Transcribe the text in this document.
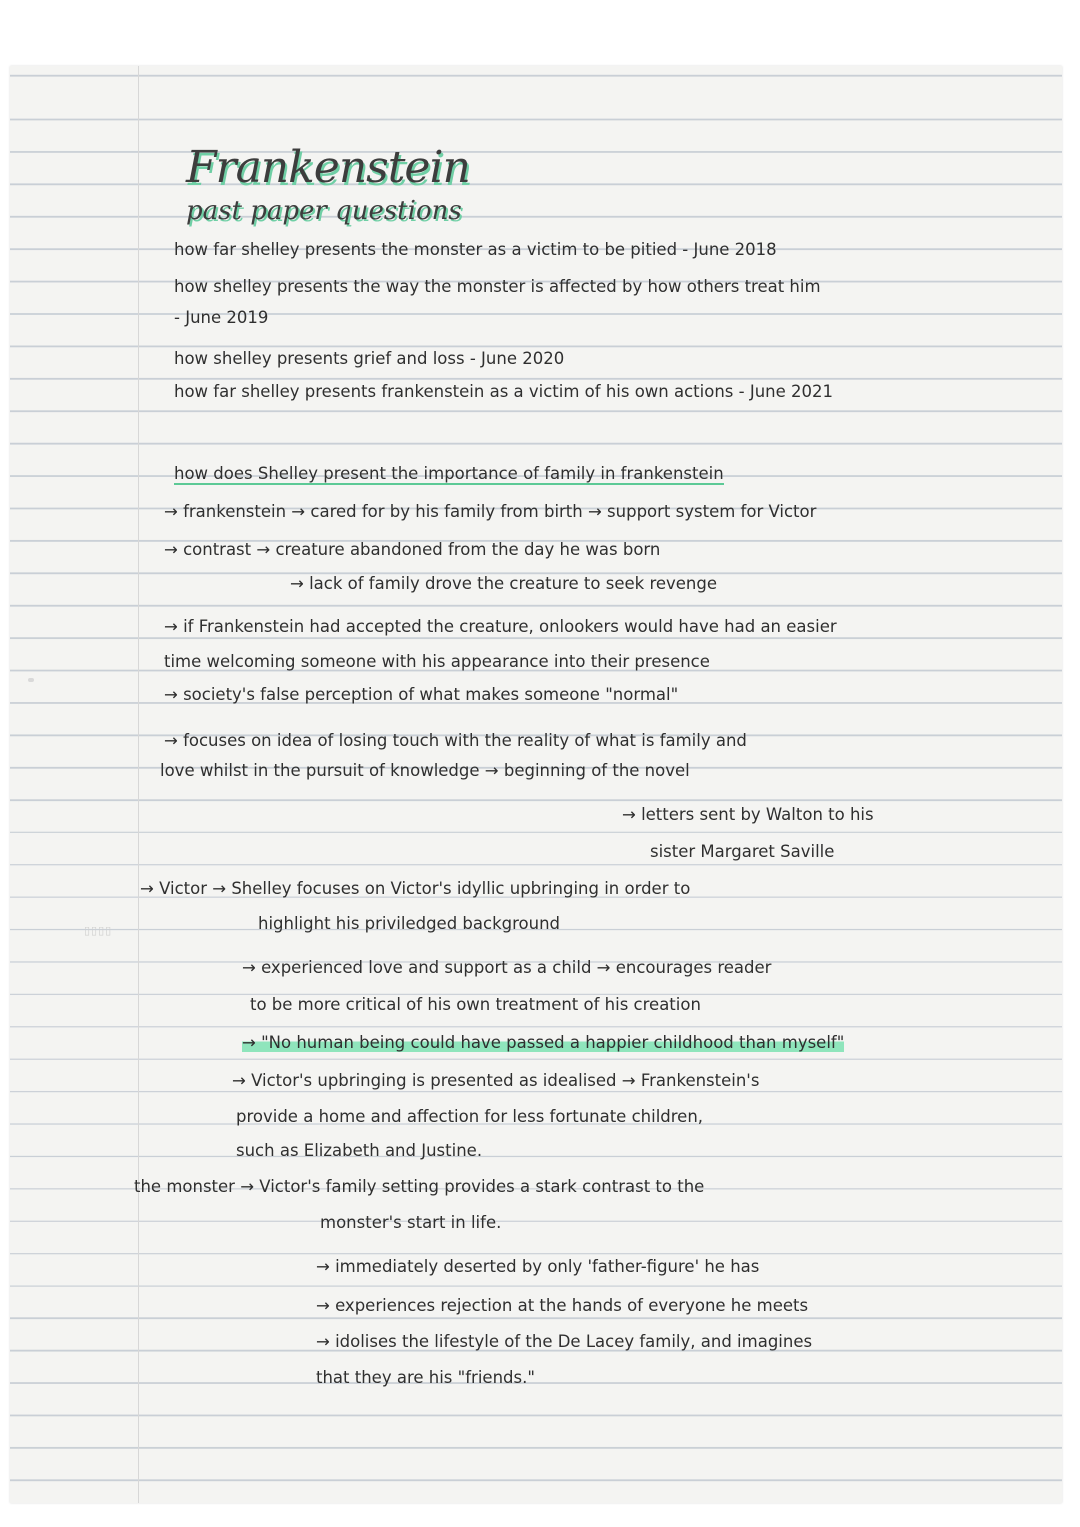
▯▯▯▯
Frankenstein
past paper questions
how far shelley presents the monster as a victim to be pitied - June 2018
how shelley presents the way the monster is affected by how others treat him
- June 2019
how shelley presents grief and loss - June 2020
how far shelley presents frankenstein as a victim of his own actions - June 2021
how does Shelley present the importance of family in frankenstein
→ frankenstein → cared for by his family from birth → support system for Victor
→ contrast → creature abandoned from the day he was born
→ lack of family drove the creature to seek revenge
→ if Frankenstein had accepted the creature, onlookers would have had an easier
time welcoming someone with his appearance into their presence
→ society's false perception of what makes someone "normal"
→ focuses on idea of losing touch with the reality of what is family and
love whilst in the pursuit of knowledge → beginning of the novel
→ letters sent by Walton to his
sister Margaret Saville
→ Victor → Shelley focuses on Victor's idyllic upbringing in order to
highlight his priviledged background
→ experienced love and support as a child → encourages reader
to be more critical of his own treatment of his creation
→ "No human being could have passed a happier childhood than myself"
→ Victor's upbringing is presented as idealised → Frankenstein's
provide a home and affection for less fortunate children,
such as Elizabeth and Justine.
the monster → Victor's family setting provides a stark contrast to the
monster's start in life.
→ immediately deserted by only 'father-figure' he has
→ experiences rejection at the hands of everyone he meets
→ idolises the lifestyle of the De Lacey family, and imagines
that they are his "friends."
